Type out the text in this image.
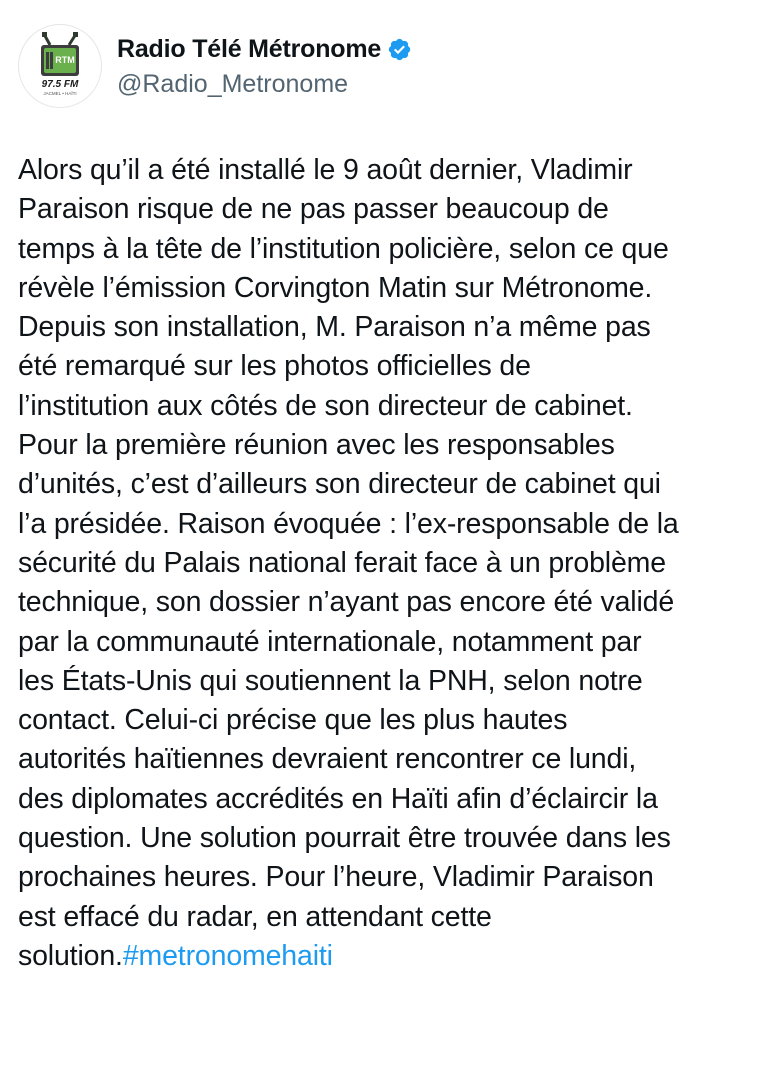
RTM
97.5 FM
JACMEL • HAÏTI
Radio Télé Métronome
@Radio_Metronome
Alors qu’il a été installé le 9 août dernier, Vladimir
Paraison risque de ne pas passer beaucoup de
temps à la tête de l’institution policière, selon ce que
révèle l’émission Corvington Matin sur Métronome.
Depuis son installation, M. Paraison n’a même pas
été remarqué sur les photos officielles de
l’institution aux côtés de son directeur de cabinet.
Pour la première réunion avec les responsables
d’unités, c’est d’ailleurs son directeur de cabinet qui
l’a présidée. Raison évoquée : l’ex-responsable de la
sécurité du Palais national ferait face à un problème
technique, son dossier n’ayant pas encore été validé
par la communauté internationale, notamment par
les États-Unis qui soutiennent la PNH, selon notre
contact. Celui-ci précise que les plus hautes
autorités haïtiennes devraient rencontrer ce lundi,
des diplomates accrédités en Haïti afin d’éclaircir la
question. Une solution pourrait être trouvée dans les
prochaines heures. Pour l’heure, Vladimir Paraison
est effacé du radar, en attendant cette
solution.#metronomehaiti
